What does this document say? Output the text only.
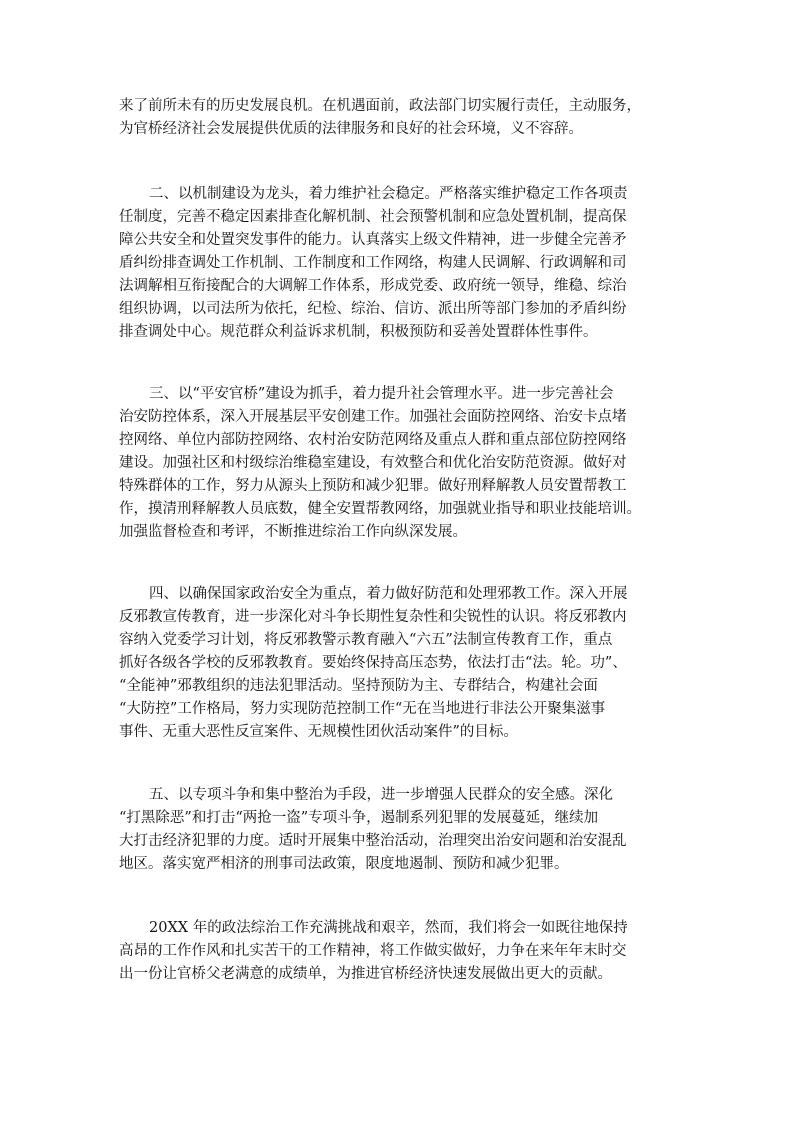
来了前所未有的历史发展良机。在机遇面前，政法部门切实履行责任，主动服务，
为官桥经济社会发展提供优质的法律服务和良好的社会环境，义不容辞。

二、以机制建设为龙头，着力维护社会稳定。严格落实维护稳定工作各项责
任制度，完善不稳定因素排查化解机制、社会预警机制和应急处置机制，提高保
障公共安全和处置突发事件的能力。认真落实上级文件精神，进一步健全完善矛
盾纠纷排查调处工作机制、工作制度和工作网络，构建人民调解、行政调解和司
法调解相互衔接配合的大调解工作体系，形成党委、政府统一领导，维稳、综治
组织协调，以司法所为依托，纪检、综治、信访、派出所等部门参加的矛盾纠纷
排查调处中心。规范群众利益诉求机制，积极预防和妥善处置群体性事件。

三、以“平安官桥”建设为抓手，着力提升社会管理水平。进一步完善社会
治安防控体系，深入开展基层平安创建工作。加强社会面防控网络、治安卡点堵
控网络、单位内部防控网络、农村治安防范网络及重点人群和重点部位防控网络
建设。加强社区和村级综治维稳室建设，有效整合和优化治安防范资源。做好对
特殊群体的工作，努力从源头上预防和减少犯罪。做好刑释解教人员安置帮教工
作，摸清刑释解教人员底数，健全安置帮教网络，加强就业指导和职业技能培训。
加强监督检查和考评，不断推进综治工作向纵深发展。

四、以确保国家政治安全为重点，着力做好防范和处理邪教工作。深入开展
反邪教宣传教育，进一步深化对斗争长期性复杂性和尖锐性的认识。将反邪教内
容纳入党委学习计划，将反邪教警示教育融入“六五”法制宣传教育工作，重点
抓好各级各学校的反邪教教育。要始终保持高压态势，依法打击“法。轮。功”、
“全能神”邪教组织的违法犯罪活动。坚持预防为主、专群结合，构建社会面
“大防控”工作格局，努力实现防范控制工作“无在当地进行非法公开聚集滋事
事件、无重大恶性反宣案件、无规模性团伙活动案件”的目标。

五、以专项斗争和集中整治为手段，进一步增强人民群众的安全感。深化
“打黑除恶”和打击“两抢一盗”专项斗争，遏制系列犯罪的发展蔓延，继续加
大打击经济犯罪的力度。适时开展集中整治活动，治理突出治安问题和治安混乱
地区。落实宽严相济的刑事司法政策，限度地遏制、预防和减少犯罪。

20XX 年的政法综治工作充满挑战和艰辛，然而，我们将会一如既往地保持
高昂的工作作风和扎实苦干的工作精神，将工作做实做好，力争在来年年末时交
出一份让官桥父老满意的成绩单，为推进官桥经济快速发展做出更大的贡献。
